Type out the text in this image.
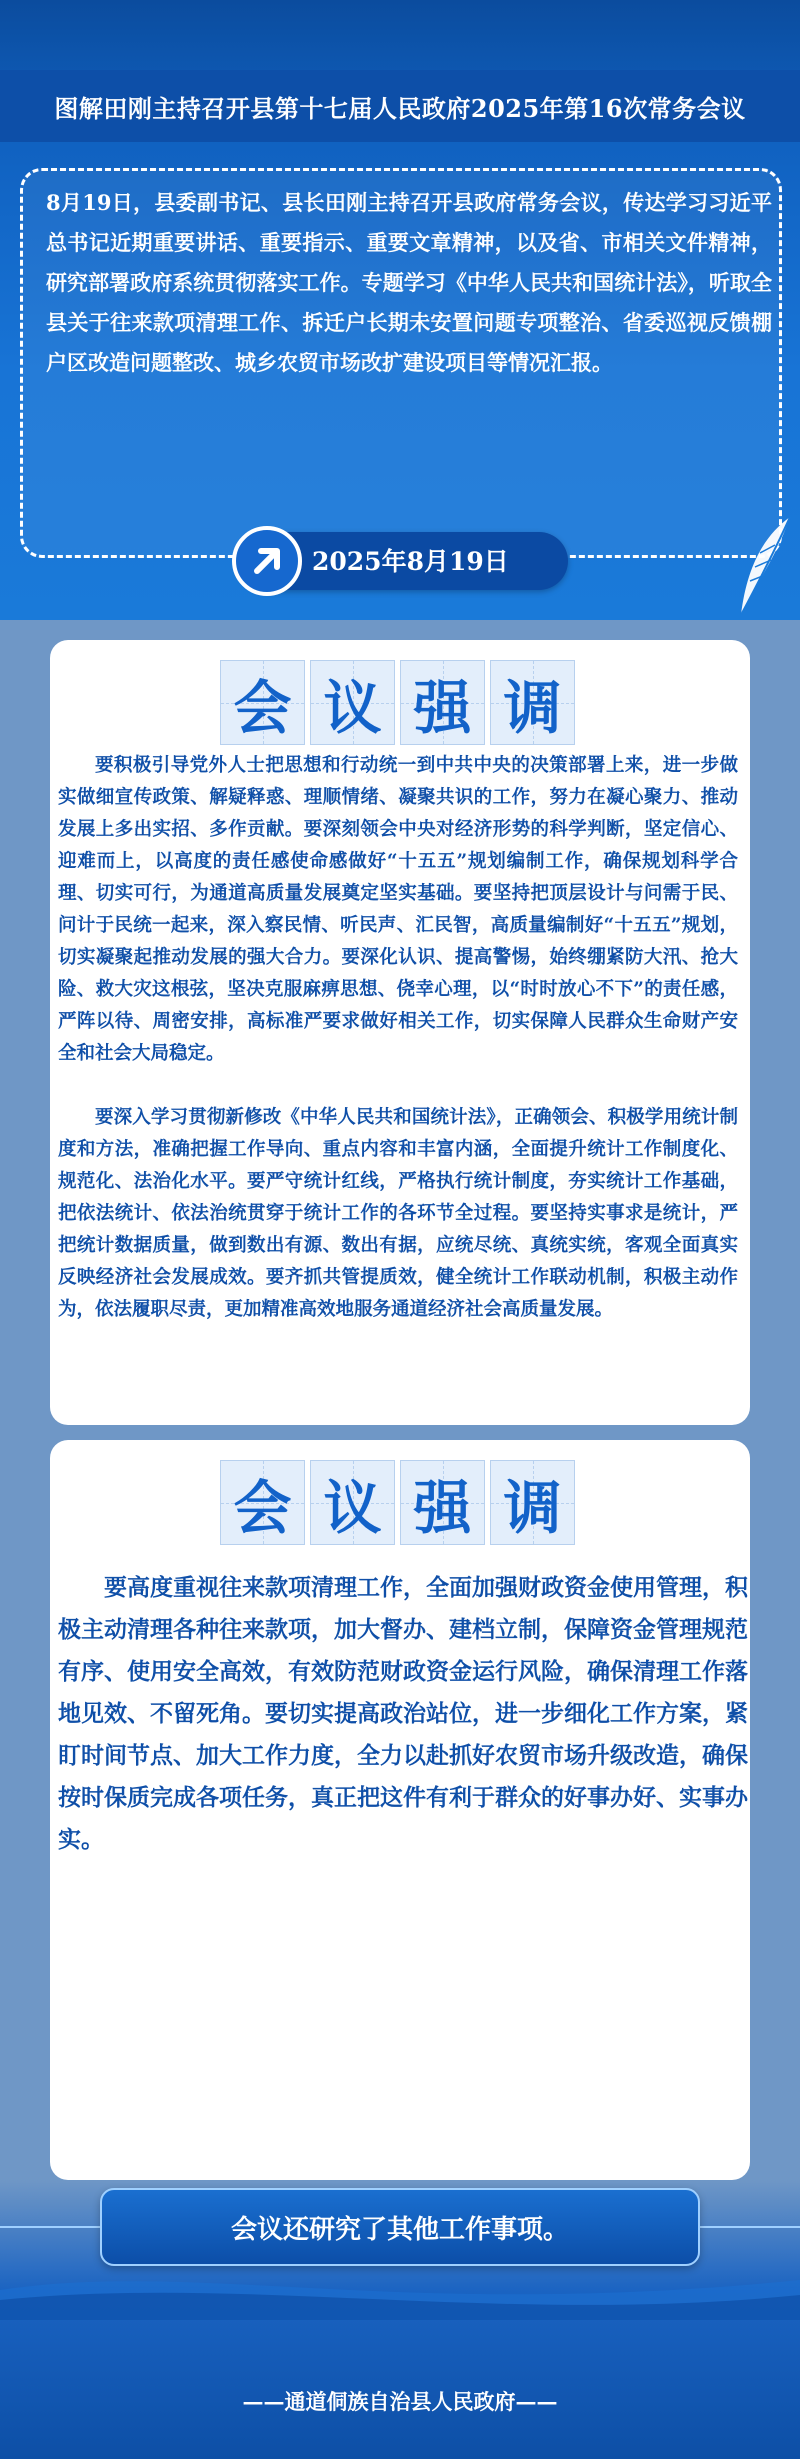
图解田刚主持召开县第十七届人民政府2025年第16次常务会议
8月19日，县委副书记、县长田刚主持召开县政府常务会议，传达学习习近平总书记近期重要讲话、重要指示、重要文章精神，以及省、市相关文件精神，研究部署政府系统贯彻落实工作。专题学习《中华人民共和国统计法》，听取全县关于往来款项清理工作、拆迁户长期未安置问题专项整治、省委巡视反馈棚户区改造问题整改、城乡农贸市场改扩建设项目等情况汇报。
2025年8月19日
会 议 强 调

要积极引导党外人士把思想和行动统一到中共中央的决策部署上来，进一步做实做细宣传政策、解疑释惑、理顺情绪、凝聚共识的工作，努力在凝心聚力、推动发展上多出实招、多作贡献。要深刻领会中央对经济形势的科学判断，坚定信心、迎难而上，以高度的责任感使命感做好“十五五”规划编制工作，确保规划科学合理、切实可行，为通道高质量发展奠定坚实基础。要坚持把顶层设计与问需于民、问计于民统一起来，深入察民情、听民声、汇民智，高质量编制好“十五五”规划，切实凝聚起推动发展的强大合力。要深化认识、提高警惕，始终绷紧防大汛、抢大险、救大灾这根弦，坚决克服麻痹思想、侥幸心理，以“时时放心不下”的责任感，严阵以待、周密安排，高标准严要求做好相关工作，切实保障人民群众生命财产安全和社会大局稳定。

要深入学习贯彻新修改《中华人民共和国统计法》，正确领会、积极学用统计制度和方法，准确把握工作导向、重点内容和丰富内涵，全面提升统计工作制度化、规范化、法治化水平。要严守统计红线，严格执行统计制度，夯实统计工作基础，把依法统计、依法治统贯穿于统计工作的各环节全过程。要坚持实事求是统计，严把统计数据质量，做到数出有源、数出有据，应统尽统、真统实统，客观全面真实反映经济社会发展成效。要齐抓共管提质效，健全统计工作联动机制，积极主动作为，依法履职尽责，更加精准高效地服务通道经济社会高质量发展。

会 议 强 调

要高度重视往来款项清理工作，全面加强财政资金使用管理，积极主动清理各种往来款项，加大督办、建档立制，保障资金管理规范有序、使用安全高效，有效防范财政资金运行风险，确保清理工作落地见效、不留死角。要切实提高政治站位，进一步细化工作方案，紧盯时间节点、加大工作力度，全力以赴抓好农贸市场升级改造，确保按时保质完成各项任务，真正把这件有利于群众的好事办好、实事办实。

会议还研究了其他工作事项。
——通道侗族自治县人民政府——
